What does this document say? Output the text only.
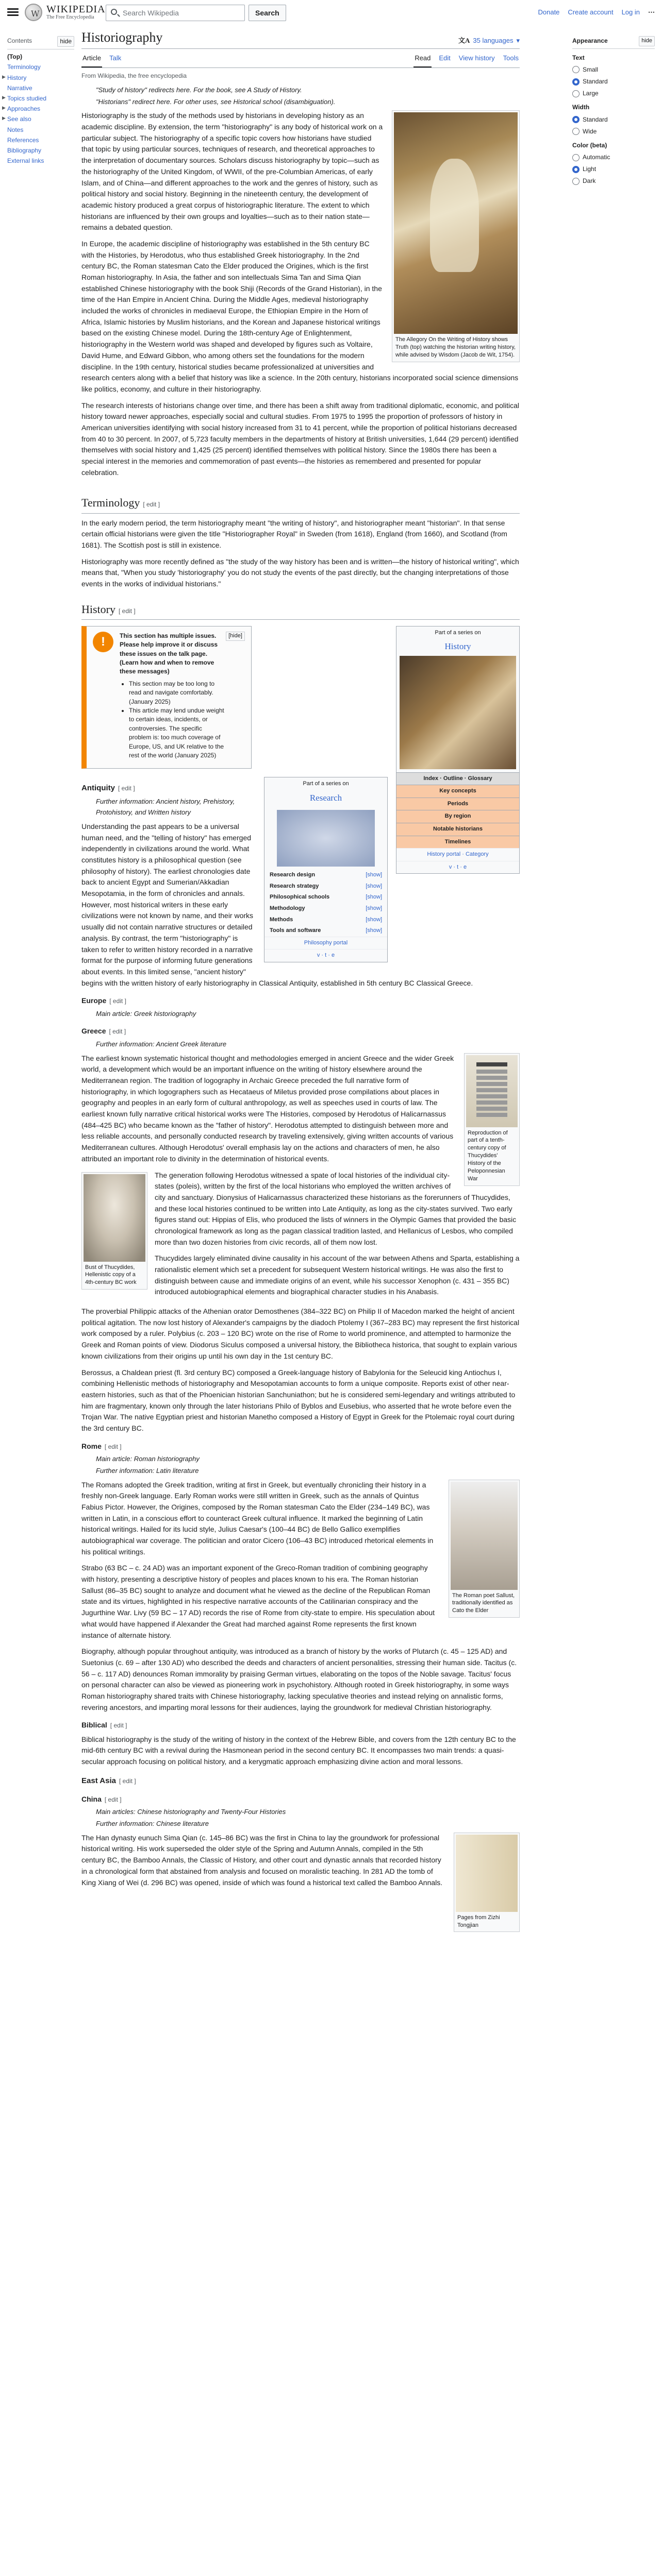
W WIKIPEDIA
The Free Encyclopedia
Search Wikipedia	Search	Donate Create account Log in ⋯
Contents	hide
(Top)
Terminology
▶ History
Narrative
▶ Topics studied
▶ Approaches
▶ See also
Notes
References
Bibliography
External links
Appearance	hide
Text
Small
Standard
Large
Width
Standard
Wide
Color (beta)
Automatic
Light
Dark
Historiography	文A 35 languages ▾
Article Talk	Read Edit View history Tools
From Wikipedia, the free encyclopedia
"Study of history" redirects here. For the book, see A Study of History.
"Historians" redirect here. For other uses, see Historical school (disambiguation).
The Allegory On the Writing of History shows Truth (top) watching the historian writing history, while advised by Wisdom (Jacob de Wit, 1754).

Historiography is the study of the methods used by historians in developing history as an academic discipline. By extension, the term "historiography" is any body of historical work on a particular subject. The historiography of a specific topic covers how historians have studied that topic by using particular sources, techniques of research, and theoretical approaches to the interpretation of documentary sources. Scholars discuss historiography by topic—such as the historiography of the United Kingdom, of WWII, of the pre-Columbian Americas, of early Islam, and of China—and different approaches to the work and the genres of history, such as political history and social history. Beginning in the nineteenth century, the development of academic history produced a great corpus of historiographic literature. The extent to which historians are influenced by their own groups and loyalties—such as to their nation state—remains a debated question.

In Europe, the academic discipline of historiography was established in the 5th century BC with the Histories, by Herodotus, who thus established Greek historiography. In the 2nd century BC, the Roman statesman Cato the Elder produced the Origines, which is the first Roman historiography. In Asia, the father and son intellectuals Sima Tan and Sima Qian established Chinese historiography with the book Shiji (Records of the Grand Historian), in the time of the Han Empire in Ancient China. During the Middle Ages, medieval historiography included the works of chronicles in mediaeval Europe, the Ethiopian Empire in the Horn of Africa, Islamic histories by Muslim historians, and the Korean and Japanese historical writings based on the existing Chinese model. During the 18th-century Age of Enlightenment, historiography in the Western world was shaped and developed by figures such as Voltaire, David Hume, and Edward Gibbon, who among others set the foundations for the modern discipline. In the 19th century, historical studies became professionalized at universities and research centers along with a belief that history was like a science. In the 20th century, historians incorporated social science dimensions like politics, economy, and culture in their historiography.

The research interests of historians change over time, and there has been a shift away from traditional diplomatic, economic, and political history toward newer approaches, especially social and cultural studies. From 1975 to 1995 the proportion of professors of history in American universities identifying with social history increased from 31 to 41 percent, while the proportion of political historians decreased from 40 to 30 percent. In 2007, of 5,723 faculty members in the departments of history at British universities, 1,644 (29 percent) identified themselves with social history and 1,425 (25 percent) identified themselves with political history. Since the 1980s there has been a special interest in the memories and commemoration of past events—the histories as remembered and presented for popular celebration.

Terminology [ edit ]

In the early modern period, the term historiography meant "the writing of history", and historiographer meant "historian". In that sense certain official historians were given the title "Historiographer Royal" in Sweden (from 1618), England (from 1660), and Scotland (from 1681). The Scottish post is still in existence.

Historiography was more recently defined as "the study of the way history has been and is written—the history of historical writing", which means that, "When you study 'historiography' you do not study the events of the past directly, but the changing interpretations of those events in the works of individual historians."

History [ edit ]
Part of a series on
History
Index · Outline · Glossary
Key concepts
Periods
By region
Notable historians
Timelines
History portal · Category
v · t · e
[hide]
!	This section has multiple issues. Please help improve it or discuss these issues on the talk page. (Learn how and when to remove these messages)
• This section may be too long to read and navigate comfortably. (January 2025)
• This article may lend undue weight to certain ideas, incidents, or controversies. The specific problem is: too much coverage of Europe, US, and UK relative to the rest of the world (January 2025)
Part of a series on
Research
Research design	[show]
Research strategy	[show]
Philosophical schools	[show]
Methodology	[show]
Methods	[show]
Tools and software	[show]
Philosophy portal
v · t · e
Antiquity [ edit ]
Further information: Ancient history, Prehistory, Protohistory, and Written history

Understanding the past appears to be a universal human need, and the "telling of history" has emerged independently in civilizations around the world. What constitutes history is a philosophical question (see philosophy of history). The earliest chronologies date back to ancient Egypt and Sumerian/Akkadian Mesopotamia, in the form of chronicles and annals. However, most historical writers in these early civilizations were not known by name, and their works usually did not contain narrative structures or detailed analysis. By contrast, the term "historiography" is taken to refer to written history recorded in a narrative format for the purpose of informing future generations about events. In this limited sense, "ancient history" begins with the written history of early historiography in Classical Antiquity, established in 5th century BC Classical Greece.

Europe [ edit ]
Main article: Greek historiography
Greece [ edit ]
Further information: Ancient Greek literature
Reproduction of part of a tenth-century copy of Thucydides' History of the Peloponnesian War

The earliest known systematic historical thought and methodologies emerged in ancient Greece and the wider Greek world, a development which would be an important influence on the writing of history elsewhere around the Mediterranean region. The tradition of logography in Archaic Greece preceded the full narrative form of historiography, in which logographers such as Hecataeus of Miletus provided prose compilations about places in geography and peoples in an early form of cultural anthropology, as well as speeches used in courts of law. The earliest known fully narrative critical historical works were The Histories, composed by Herodotus of Halicarnassus (484–425 BC) who became known as the "father of history". Herodotus attempted to distinguish between more and less reliable accounts, and personally conducted research by traveling extensively, giving written accounts of various Mediterranean cultures. Although Herodotus' overall emphasis lay on the actions and characters of men, he also attributed an important role to divinity in the determination of historical events.

Bust of Thucydides, Hellenistic copy of a 4th-century BC work

The generation following Herodotus witnessed a spate of local histories of the individual city-states (poleis), written by the first of the local historians who employed the written archives of city and sanctuary. Dionysius of Halicarnassus characterized these historians as the forerunners of Thucydides, and these local histories continued to be written into Late Antiquity, as long as the city-states survived. Two early figures stand out: Hippias of Elis, who produced the lists of winners in the Olympic Games that provided the basic chronological framework as long as the pagan classical tradition lasted, and Hellanicus of Lesbos, who compiled more than two dozen histories from civic records, all of them now lost.

Thucydides largely eliminated divine causality in his account of the war between Athens and Sparta, establishing a rationalistic element which set a precedent for subsequent Western historical writings. He was also the first to distinguish between cause and immediate origins of an event, while his successor Xenophon (c. 431 – 355 BC) introduced autobiographical elements and biographical character studies in his Anabasis.

The proverbial Philippic attacks of the Athenian orator Demosthenes (384–322 BC) on Philip II of Macedon marked the height of ancient political agitation. The now lost history of Alexander's campaigns by the diadoch Ptolemy I (367–283 BC) may represent the first historical work composed by a ruler. Polybius (c. 203 – 120 BC) wrote on the rise of Rome to world prominence, and attempted to harmonize the Greek and Roman points of view. Diodorus Siculus composed a universal history, the Bibliotheca historica, that sought to explain various known civilizations from their origins up until his own day in the 1st century BC.

Berossus, a Chaldean priest (fl. 3rd century BC) composed a Greek-language history of Babylonia for the Seleucid king Antiochus I, combining Hellenistic methods of historiography and Mesopotamian accounts to form a unique composite. Reports exist of other near-eastern histories, such as that of the Phoenician historian Sanchuniathon; but he is considered semi-legendary and writings attributed to him are fragmentary, known only through the later historians Philo of Byblos and Eusebius, who asserted that he wrote before even the Trojan War. The native Egyptian priest and historian Manetho composed a History of Egypt in Greek for the Ptolemaic royal court during the 3rd century BC.

Rome [ edit ]
Main article: Roman historiography
Further information: Latin literature
The Roman poet Sallust, traditionally identified as Cato the Elder

The Romans adopted the Greek tradition, writing at first in Greek, but eventually chronicling their history in a freshly non-Greek language. Early Roman works were still written in Greek, such as the annals of Quintus Fabius Pictor. However, the Origines, composed by the Roman statesman Cato the Elder (234–149 BC), was written in Latin, in a conscious effort to counteract Greek cultural influence. It marked the beginning of Latin historical writings. Hailed for its lucid style, Julius Caesar's (100–44 BC) de Bello Gallico exemplifies autobiographical war coverage. The politician and orator Cicero (106–43 BC) introduced rhetorical elements in his political writings.

Strabo (63 BC – c. 24 AD) was an important exponent of the Greco-Roman tradition of combining geography with history, presenting a descriptive history of peoples and places known to his era. The Roman historian Sallust (86–35 BC) sought to analyze and document what he viewed as the decline of the Republican Roman state and its virtues, highlighted in his respective narrative accounts of the Catilinarian conspiracy and the Jugurthine War. Livy (59 BC – 17 AD) records the rise of Rome from city-state to empire. His speculation about what would have happened if Alexander the Great had marched against Rome represents the first known instance of alternate history.

Biography, although popular throughout antiquity, was introduced as a branch of history by the works of Plutarch (c. 45 – 125 AD) and Suetonius (c. 69 – after 130 AD) who described the deeds and characters of ancient personalities, stressing their human side. Tacitus (c. 56 – c. 117 AD) denounces Roman immorality by praising German virtues, elaborating on the topos of the Noble savage. Tacitus' focus on personal character can also be viewed as pioneering work in psychohistory. Although rooted in Greek historiography, in some ways Roman historiography shared traits with Chinese historiography, lacking speculative theories and instead relying on annalistic forms, revering ancestors, and imparting moral lessons for their audiences, laying the groundwork for medieval Christian historiography.

Biblical [ edit ]

Biblical historiography is the study of the writing of history in the context of the Hebrew Bible, and covers from the 12th century BC to the mid-6th century BC with a revival during the Hasmonean period in the second century BC. It encompasses two main trends: a quasi-secular approach focusing on political history, and a kerygmatic approach emphasizing divine action and moral lessons.

East Asia [ edit ]
China [ edit ]
Main articles: Chinese historiography and Twenty-Four Histories
Further information: Chinese literature
Pages from Zizhi Tongjian

The Han dynasty eunuch Sima Qian (c. 145–86 BC) was the first in China to lay the groundwork for professional historical writing. His work superseded the older style of the Spring and Autumn Annals, compiled in the 5th century BC, the Bamboo Annals, the Classic of History, and other court and dynastic annals that recorded history in a chronological form that abstained from analysis and focused on moralistic teaching. In 281 AD the tomb of King Xiang of Wei (d. 296 BC) was opened, inside of which was found a historical text called the Bamboo Annals.
